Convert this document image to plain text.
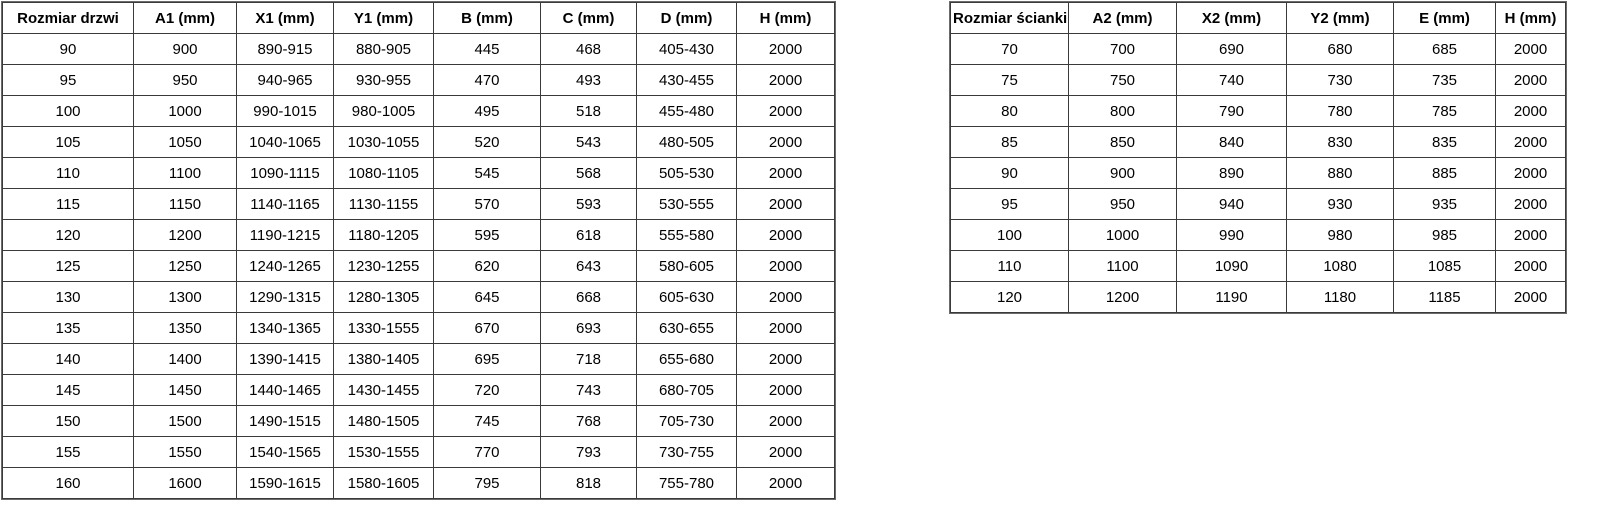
Rozmiar drzwi	A1 (mm)	X1 (mm)	Y1 (mm)	B (mm)	C (mm)	D (mm)	H (mm)
90	900	890-915	880-905	445	468	405-430	2000
95	950	940-965	930-955	470	493	430-455	2000
100	1000	990-1015	980-1005	495	518	455-480	2000
105	1050	1040-1065	1030-1055	520	543	480-505	2000
110	1100	1090-1115	1080-1105	545	568	505-530	2000
115	1150	1140-1165	1130-1155	570	593	530-555	2000
120	1200	1190-1215	1180-1205	595	618	555-580	2000
125	1250	1240-1265	1230-1255	620	643	580-605	2000
130	1300	1290-1315	1280-1305	645	668	605-630	2000
135	1350	1340-1365	1330-1555	670	693	630-655	2000
140	1400	1390-1415	1380-1405	695	718	655-680	2000
145	1450	1440-1465	1430-1455	720	743	680-705	2000
150	1500	1490-1515	1480-1505	745	768	705-730	2000
155	1550	1540-1565	1530-1555	770	793	730-755	2000
160	1600	1590-1615	1580-1605	795	818	755-780	2000
Rozmiar ścianki	A2 (mm)	X2 (mm)	Y2 (mm)	E (mm)	H (mm)
70	700	690	680	685	2000
75	750	740	730	735	2000
80	800	790	780	785	2000
85	850	840	830	835	2000
90	900	890	880	885	2000
95	950	940	930	935	2000
100	1000	990	980	985	2000
110	1100	1090	1080	1085	2000
120	1200	1190	1180	1185	2000
